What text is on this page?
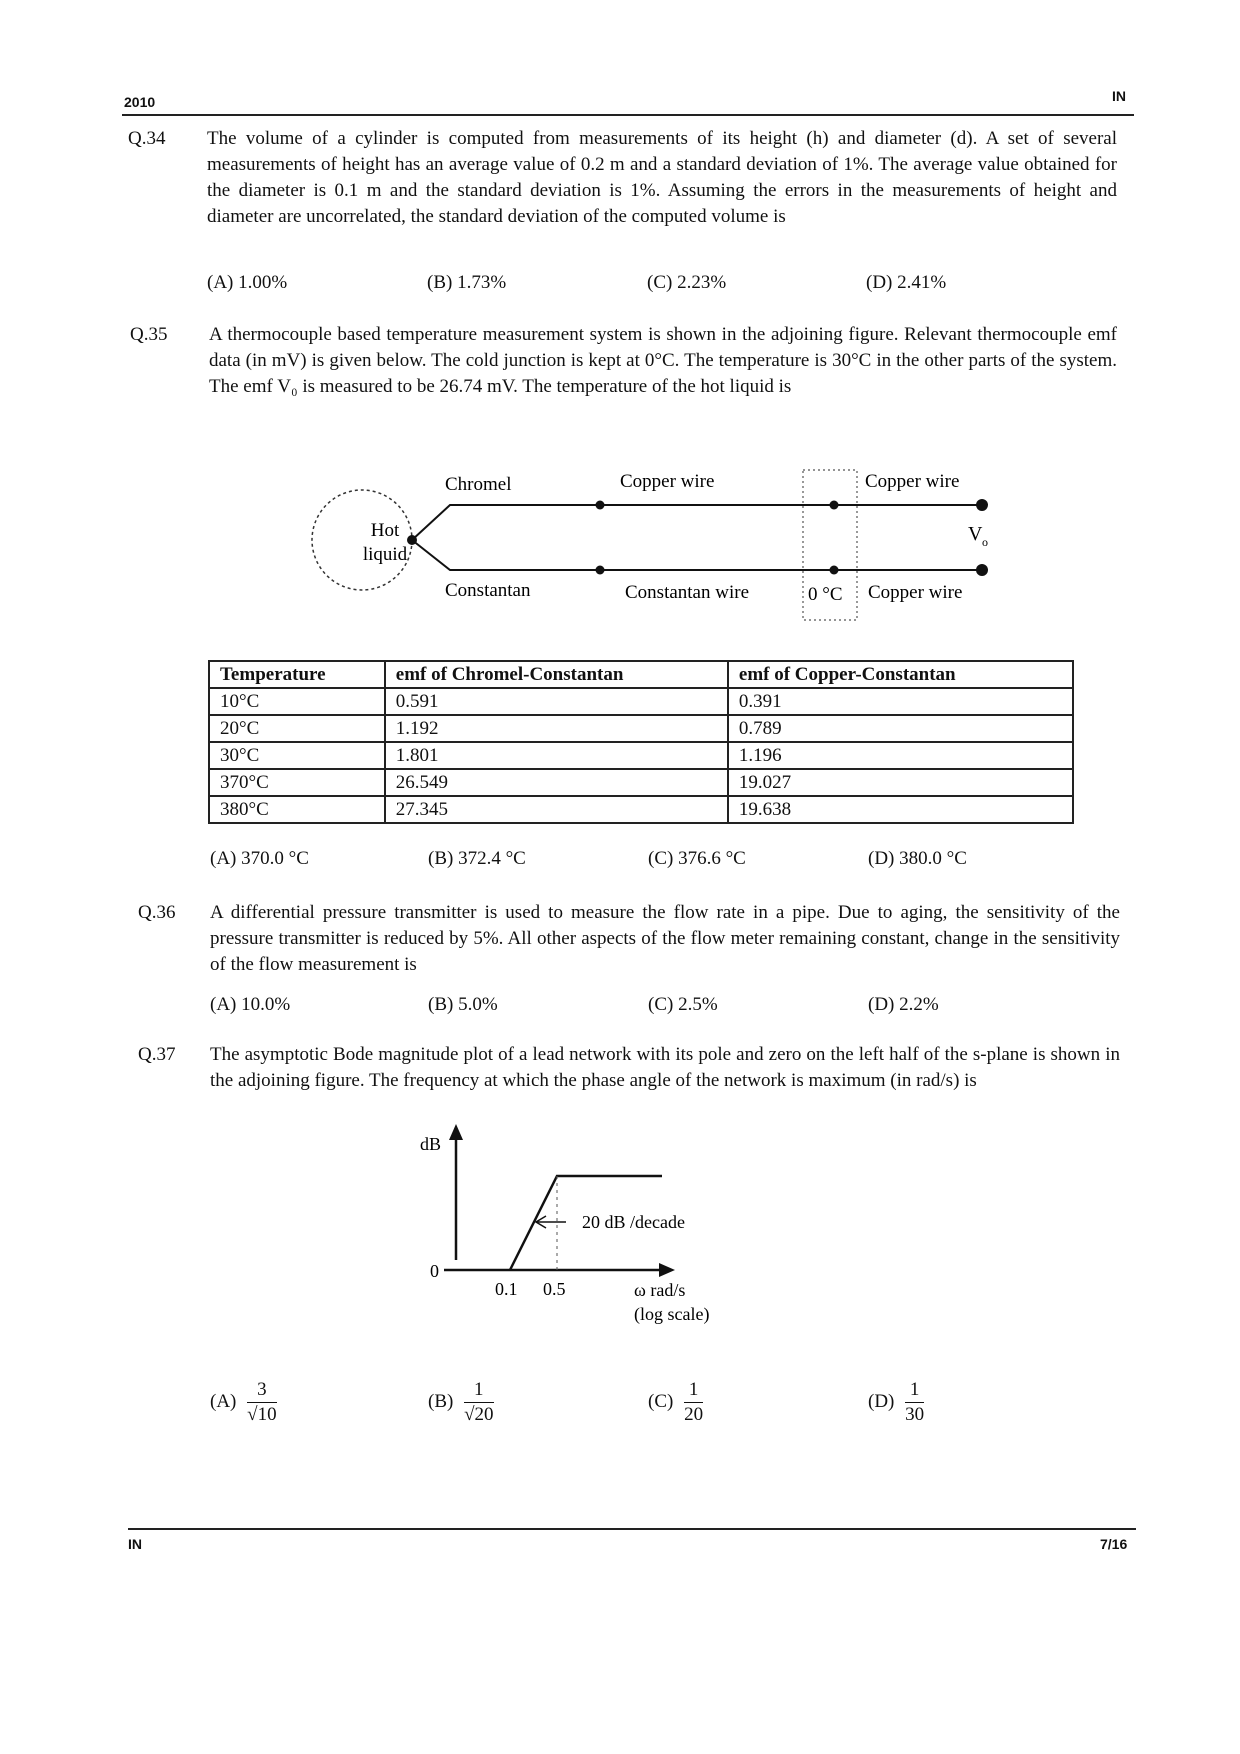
2010	IN
Q.34 The volume of a cylinder is computed from measurements of its height (h) and diameter (d). A set of several measurements of height has an average value of 0.2 m and a standard deviation of 1%. The average value obtained for the diameter is 0.1 m and the standard deviation is 1%. Assuming the errors in the measurements of height and diameter are uncorrelated, the standard deviation of the computed volume is
(A) 1.00%	(B) 1.73%	(C) 2.23%	(D) 2.41%
Q.35 A thermocouple based temperature measurement system is shown in the adjoining figure. Relevant thermocouple emf data (in mV) is given below. The cold junction is kept at 0°C. The temperature is 30°C in the other parts of the system. The emf V₀ is measured to be 26.74 mV. The temperature of the hot liquid is
Hot
liquid
Chromel
Constantan
Copper wire
Constantan wire
Copper wire
Copper wire
0 °C
V o
Temperature	emf of Chromel-Constantan	emf of Copper-Constantan
10°C	0.591	0.391
20°C	1.192	0.789
30°C	1.801	1.196
370°C	26.549	19.027
380°C	27.345	19.638
(A) 370.0 °C	(B) 372.4 °C	(C) 376.6 °C	(D) 380.0 °C
Q.36 A differential pressure transmitter is used to measure the flow rate in a pipe. Due to aging, the sensitivity of the pressure transmitter is reduced by 5%. All other aspects of the flow meter remaining constant, change in the sensitivity of the flow measurement is
(A) 10.0%	(B) 5.0%	(C) 2.5%	(D) 2.2%
Q.37 The asymptotic Bode magnitude plot of a lead network with its pole and zero on the left half of the s-plane is shown in the adjoining figure. The frequency at which the phase angle of the network is maximum (in rad/s) is
dB
0
0.1 0.5
20 dB /decade
ω rad/s
(log scale)
$(A) \frac{3}{√10}$	$(B) \frac{1}{√20}$	$(C) \frac{1}{20}$	$(D) \frac{1}{30}$
IN	7/16
